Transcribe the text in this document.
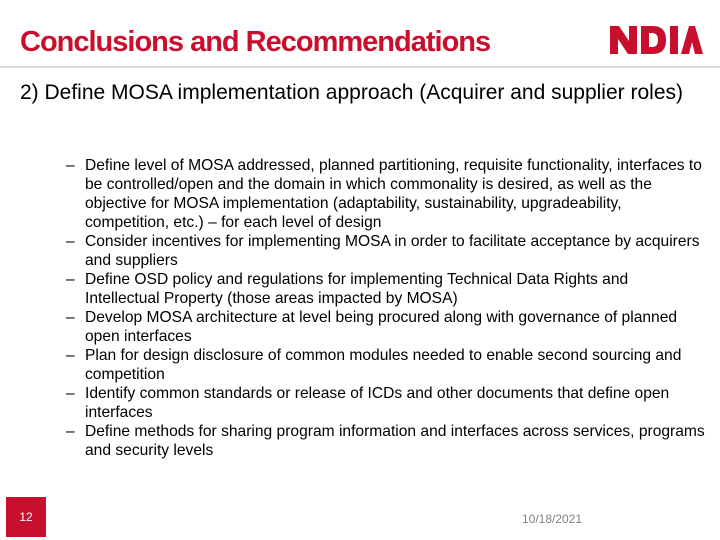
Conclusions and Recommendations
2) Define MOSA implementation approach (Acquirer and supplier roles)
– Define level of MOSA addressed, planned partitioning, requisite functionality, interfaces to be controlled/open and the domain in which commonality is desired, as well as the objective for MOSA implementation (adaptability, sustainability, upgradeability, competition, etc.) – for each level of design
– Consider incentives for implementing MOSA in order to facilitate acceptance by acquirers and suppliers
– Define OSD policy and regulations for implementing Technical Data Rights and Intellectual Property (those areas impacted by MOSA)
– Develop MOSA architecture at level being procured along with governance of planned open interfaces
– Plan for design disclosure of common modules needed to enable second sourcing and competition
– Identify common standards or release of ICDs and other documents that define open interfaces
– Define methods for sharing program information and interfaces across services, programs and security levels
12	10/18/2021
